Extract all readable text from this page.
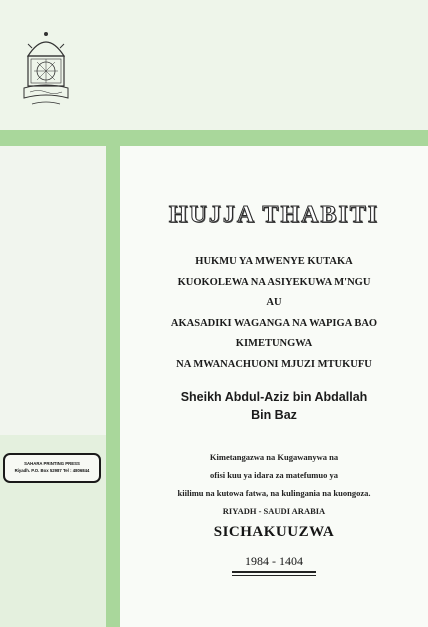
SAHARA PRINTING PRESS
Riyadh. P.O. Box 52987 Tel : 4806844
HUJJA THABITI
HUKMU YA MWENYE KUTAKA
KUOKOLEWA NA ASIYEKUWA M'NGU
AU
AKASADIKI WAGANGA NA WAPIGA BAO
KIMETUNGWA
NA MWANACHUONI MJUZI MTUKUFU
Sheikh Abdul-Aziz bin Abdallah
Bin Baz
Kimetangazwa na Kugawanywa na
ofisi kuu ya idara za matefumuo ya
kiilimu na kutowa fatwa, na kulingania na kuongoza.
RIYADH - SAUDI ARABIA
SICHAKUUZWA
1984 - 1404
